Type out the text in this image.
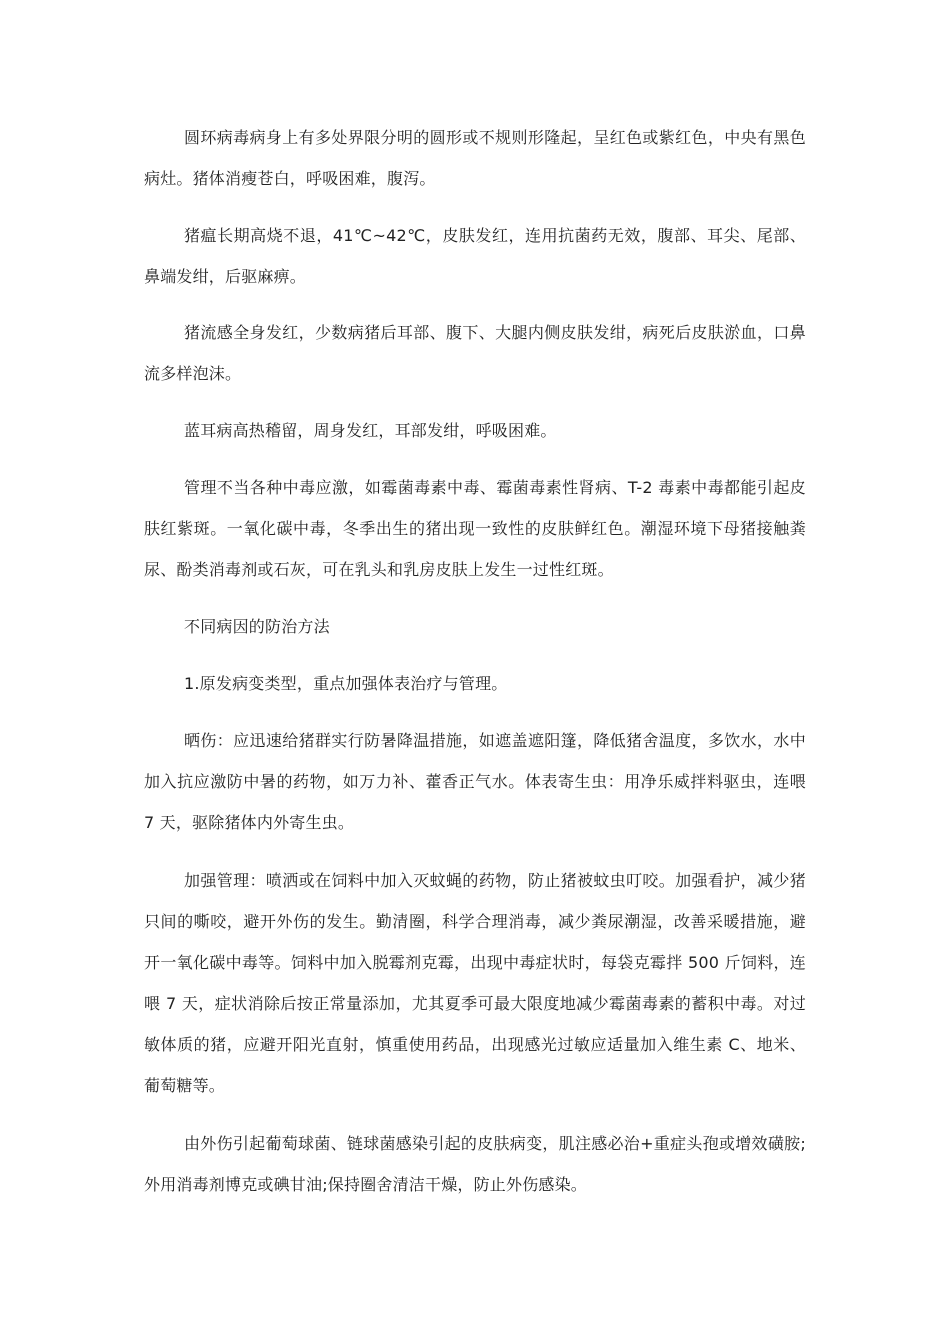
圆环病毒病身上有多处界限分明的圆形或不规则形隆起，呈红色或紫红色，中央有黑色病灶。猪体消瘦苍白，呼吸困难，腹泻。

猪瘟长期高烧不退，41℃~42℃，皮肤发红，连用抗菌药无效，腹部、耳尖、尾部、鼻端发绀，后驱麻痹。

猪流感全身发红，少数病猪后耳部、腹下、大腿内侧皮肤发绀，病死后皮肤淤血，口鼻流多样泡沫。

蓝耳病高热稽留，周身发红，耳部发绀，呼吸困难。

管理不当各种中毒应激，如霉菌毒素中毒、霉菌毒素性肾病、T-2 毒素中毒都能引起皮肤红紫斑。一氧化碳中毒，冬季出生的猪出现一致性的皮肤鲜红色。潮湿环境下母猪接触粪尿、酚类消毒剂或石灰，可在乳头和乳房皮肤上发生一过性红斑。

不同病因的防治方法

1.原发病变类型，重点加强体表治疗与管理。

晒伤：应迅速给猪群实行防暑降温措施，如遮盖遮阳篷，降低猪舍温度，多饮水，水中加入抗应激防中暑的药物，如万力补、藿香正气水。体表寄生虫：用净乐威拌料驱虫，连喂 7 天，驱除猪体内外寄生虫。

加强管理：喷洒或在饲料中加入灭蚊蝇的药物，防止猪被蚊虫叮咬。加强看护，减少猪只间的嘶咬，避开外伤的发生。勤清圈，科学合理消毒，减少粪尿潮湿，改善采暖措施，避开一氧化碳中毒等。饲料中加入脱霉剂克霉，出现中毒症状时，每袋克霉拌 500 斤饲料，连喂 7 天，症状消除后按正常量添加，尤其夏季可最大限度地减少霉菌毒素的蓄积中毒。对过敏体质的猪，应避开阳光直射，慎重使用药品，出现感光过敏应适量加入维生素 C、地米、葡萄糖等。

由外伤引起葡萄球菌、链球菌感染引起的皮肤病变，肌注感必治+重症头孢或增效磺胺;外用消毒剂博克或碘甘油;保持圈舍清洁干燥，防止外伤感染。
